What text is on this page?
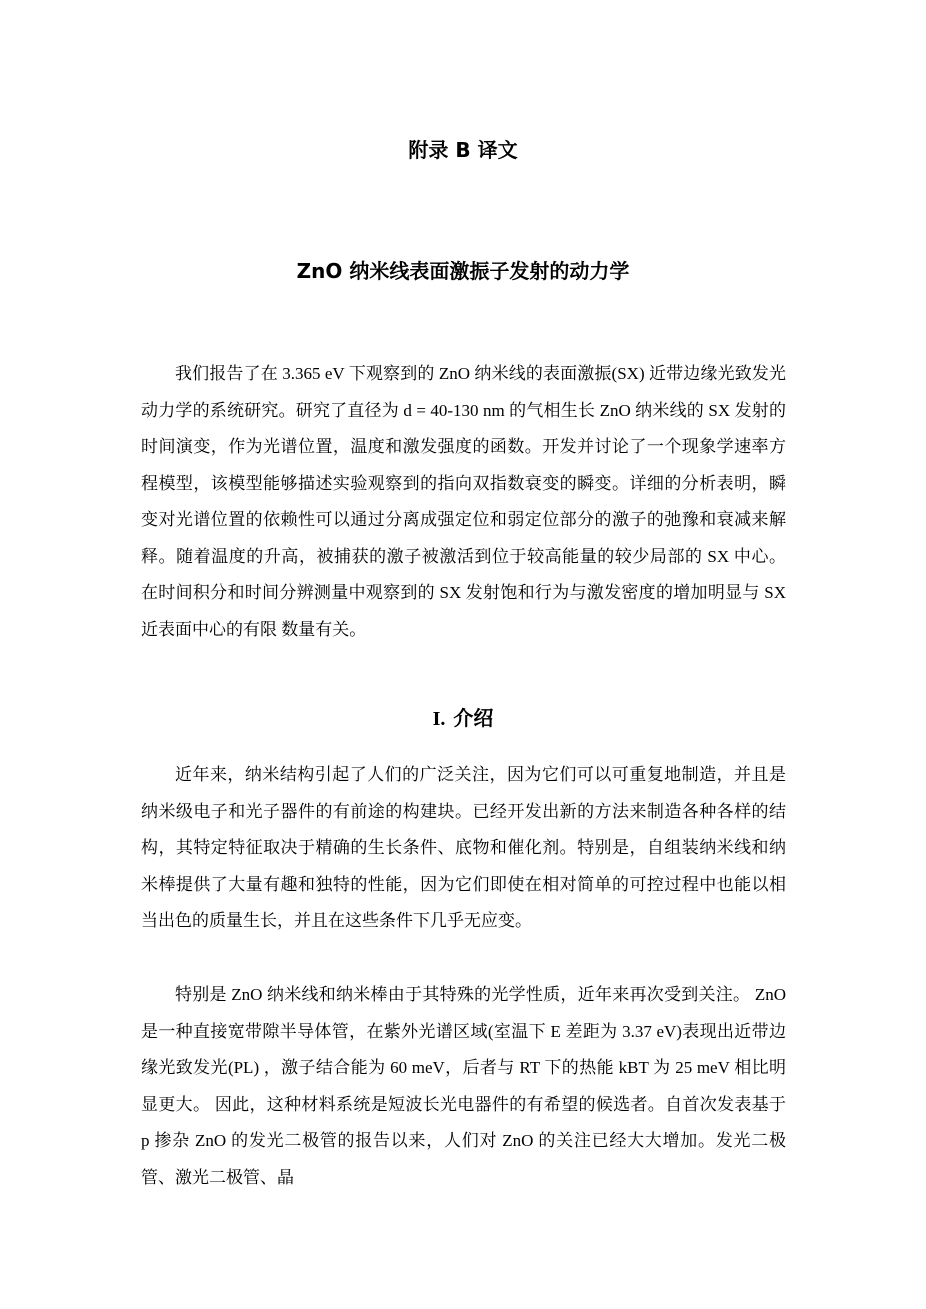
附录 B 译文
ZnO 纳米线表面激振子发射的动力学

我们报告了在 3.365 eV 下观察到的 ZnO 纳米线的表面激振(SX) 近带边缘光致发光动力学的系统研究。研究了直径为 d = 40-130 nm 的气相生长 ZnO 纳米线的 SX 发射的时间演变，作为光谱位置，温度和激发强度的函数。开发并讨论了一个现象学速率方程模型，该模型能够描述实验观察到的指向双指数衰变的瞬变。详细的分析表明，瞬变对光谱位置的依赖性可以通过分离成强定位和弱定位部分的激子的弛豫和衰减来解释。随着温度的升高，被捕获的激子被激活到位于较高能量的较少局部的 SX 中心。 在时间积分和时间分辨测量中观察到的 SX 发射饱和行为与激发密度的增加明显与 SX 近表面中心的有限 数量有关。

I. 介绍

近年来，纳米结构引起了人们的广泛关注，因为它们可以可重复地制造，并且是纳米级电子和光子器件的有前途的构建块。已经开发出新的方法来制造各种各样的结构，其特定特征取决于精确的生长条件、底物和催化剂。特别是，自组装纳米线和纳米棒提供了大量有趣和独特的性能，因为它们即使在相对简单的可控过程中也能以相当出色的质量生长，并且在这些条件下几乎无应变。

特别是 ZnO 纳米线和纳米棒由于其特殊的光学性质，近年来再次受到关注。 ZnO 是一种直接宽带隙半导体管，在紫外光谱区域(室温下 E 差距为 3.37 eV)表现出近带边缘光致发光(PL) ，激子结合能为 60 meV，后者与 RT 下的热能 kBT 为 25 meV 相比明显更大。 因此，这种材料系统是短波长光电器件的有希望的候选者。自首次发表基于 p 掺杂 ZnO 的发光二极管的报告以来，人们对 ZnO 的关注已经大大增加。发光二极管、激光二极管、晶
